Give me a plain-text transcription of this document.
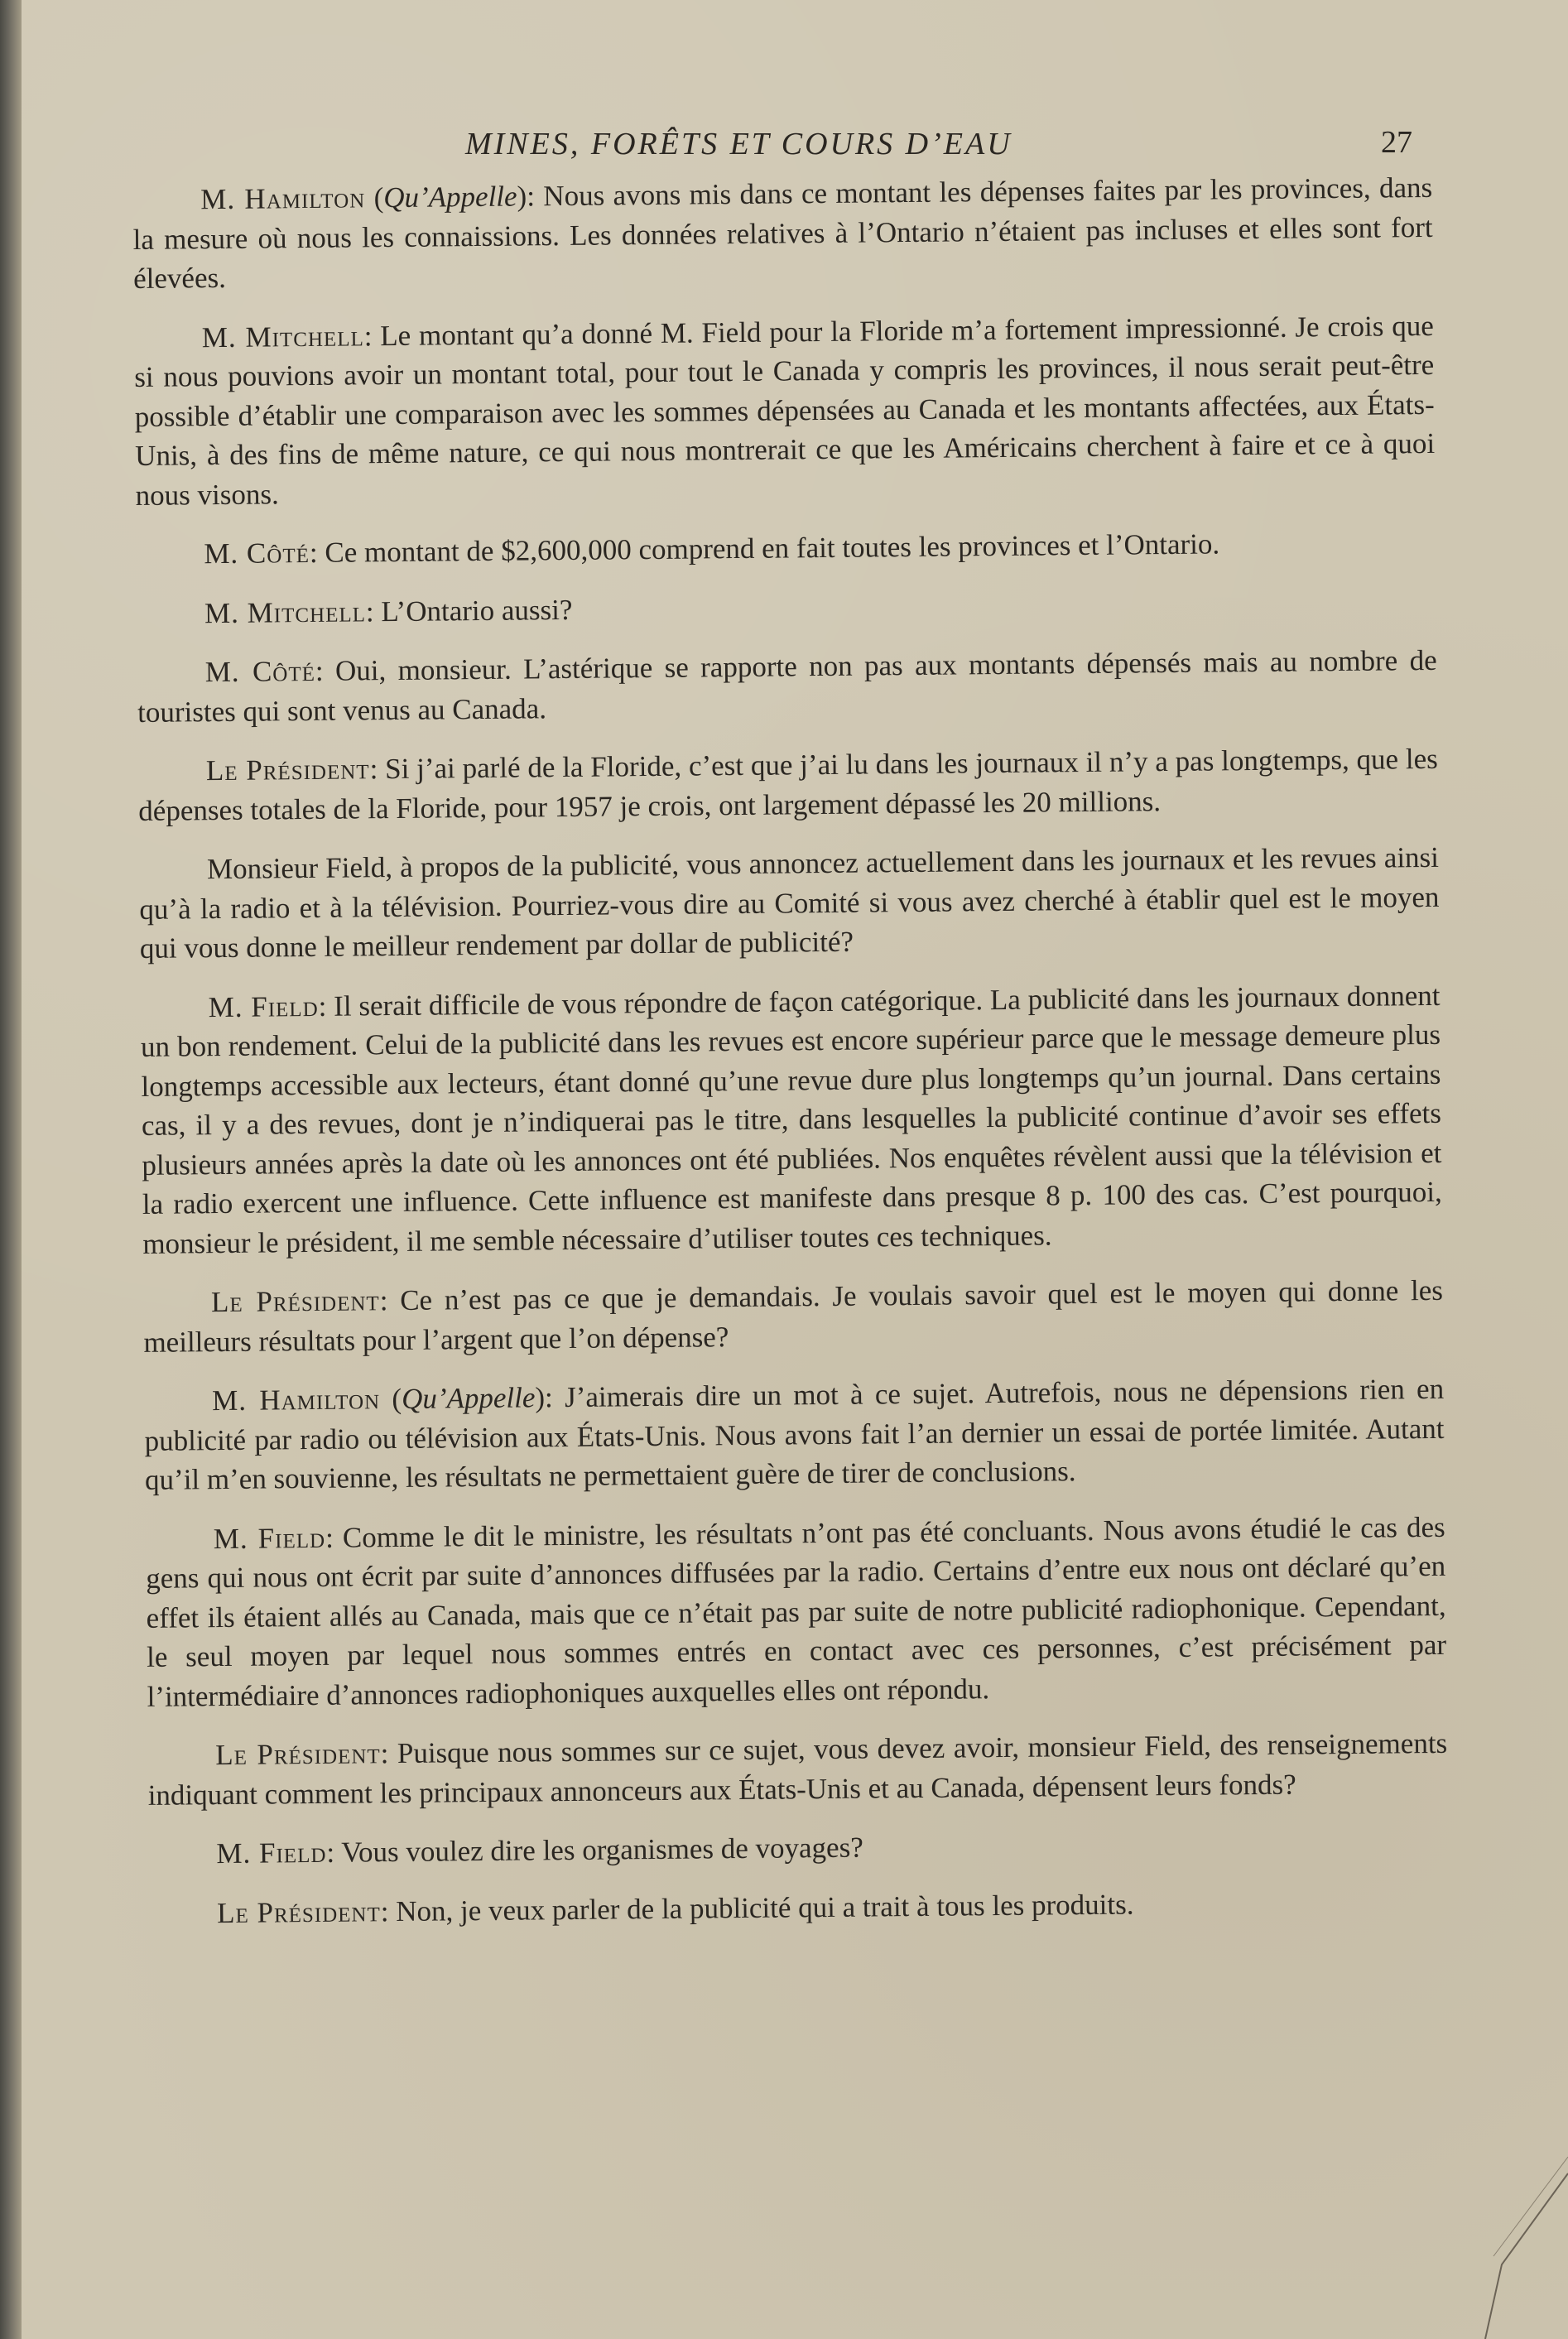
MINES, FORÊTS ET COURS D’EAU	27

M. Hamilton (Qu’Appelle): Nous avons mis dans ce montant les dépenses faites par les provinces, dans la mesure où nous les connaissions. Les données relatives à l’Ontario n’étaient pas incluses et elles sont fort élevées.

M. Mitchell: Le montant qu’a donné M. Field pour la Floride m’a fortement impressionné. Je crois que si nous pouvions avoir un montant total, pour tout le Canada y compris les provinces, il nous serait peut-être possible d’établir une comparaison avec les sommes dépensées au Canada et les montants affectées, aux États-Unis, à des fins de même nature, ce qui nous montrerait ce que les Américains cherchent à faire et ce à quoi nous visons.

M. Côté: Ce montant de $2,600,000 comprend en fait toutes les provinces et l’Ontario.

M. Mitchell: L’Ontario aussi?

M. Côté: Oui, monsieur. L’astérique se rapporte non pas aux montants dépensés mais au nombre de touristes qui sont venus au Canada.

Le Président: Si j’ai parlé de la Floride, c’est que j’ai lu dans les journaux il n’y a pas longtemps, que les dépenses totales de la Floride, pour 1957 je crois, ont largement dépassé les 20 millions.

Monsieur Field, à propos de la publicité, vous annoncez actuellement dans les journaux et les revues ainsi qu’à la radio et à la télévision. Pourriez-vous dire au Comité si vous avez cherché à établir quel est le moyen qui vous donne le meilleur rendement par dollar de publicité?

M. Field: Il serait difficile de vous répondre de façon catégorique. La publicité dans les journaux donnent un bon rendement. Celui de la publicité dans les revues est encore supérieur parce que le message demeure plus longtemps accessible aux lecteurs, étant donné qu’une revue dure plus longtemps qu’un journal. Dans certains cas, il y a des revues, dont je n’indiquerai pas le titre, dans lesquelles la publicité continue d’avoir ses effets plusieurs années après la date où les annonces ont été publiées. Nos enquêtes révèlent aussi que la télévision et la radio exercent une influence. Cette influence est manifeste dans presque 8 p. 100 des cas. C’est pourquoi, monsieur le président, il me semble nécessaire d’utiliser toutes ces techniques.

Le Président: Ce n’est pas ce que je demandais. Je voulais savoir quel est le moyen qui donne les meilleurs résultats pour l’argent que l’on dépense?

M. Hamilton (Qu’Appelle): J’aimerais dire un mot à ce sujet. Autrefois, nous ne dépensions rien en publicité par radio ou télévision aux États-Unis. Nous avons fait l’an dernier un essai de portée limitée. Autant qu’il m’en souvienne, les résultats ne permettaient guère de tirer de conclusions.

M. Field: Comme le dit le ministre, les résultats n’ont pas été concluants. Nous avons étudié le cas des gens qui nous ont écrit par suite d’annonces diffusées par la radio. Certains d’entre eux nous ont déclaré qu’en effet ils étaient allés au Canada, mais que ce n’était pas par suite de notre publicité radiophonique. Cependant, le seul moyen par lequel nous sommes entrés en contact avec ces personnes, c’est précisément par l’intermédiaire d’annonces radiophoniques auxquelles elles ont répondu.

Le Président: Puisque nous sommes sur ce sujet, vous devez avoir, monsieur Field, des renseignements indiquant comment les principaux annonceurs aux États-Unis et au Canada, dépensent leurs fonds?

M. Field: Vous voulez dire les organismes de voyages?

Le Président: Non, je veux parler de la publicité qui a trait à tous les produits.
